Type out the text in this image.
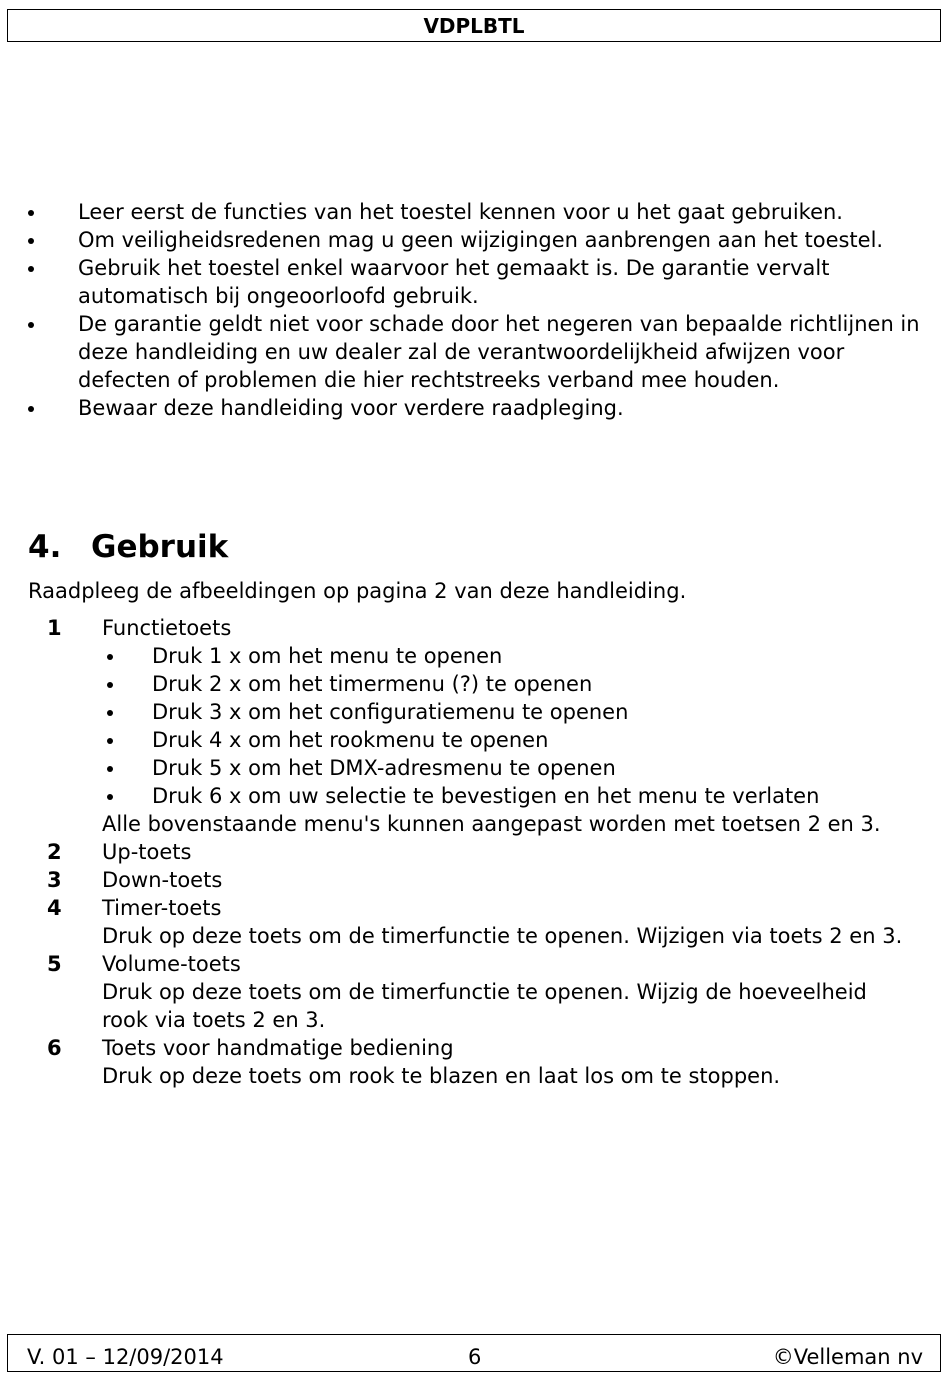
VDPLBTL
Leer eerst de functies van het toestel kennen voor u het gaat gebruiken.
Om veiligheidsredenen mag u geen wijzigingen aanbrengen aan het toestel.
Gebruik het toestel enkel waarvoor het gemaakt is. De garantie vervalt automatisch bij ongeoorloofd gebruik.
De garantie geldt niet voor schade door het negeren van bepaalde richtlijnen in deze handleiding en uw dealer zal de verantwoordelijkheid afwijzen voor defecten of problemen die hier rechtstreeks verband mee houden.
Bewaar deze handleiding voor verdere raadpleging.
4. Gebruik

Raadpleeg de afbeeldingen op pagina 2 van deze handleiding.

1 Functietoets
Druk 1 x om het menu te openen
Druk 2 x om het timermenu (?) te openen
Druk 3 x om het configuratiemenu te openen
Druk 4 x om het rookmenu te openen
Druk 5 x om het DMX-adresmenu te openen
Druk 6 x om uw selectie te bevestigen en het menu te verlaten
Alle bovenstaande menu's kunnen aangepast worden met toetsen 2 en 3.
2 Up-toets
3 Down-toets
4 Timer-toets
Druk op deze toets om de timerfunctie te openen. Wijzigen via toets 2 en 3.
5 Volume-toets
Druk op deze toets om de timerfunctie te openen. Wijzig de hoeveelheid rook via toets 2 en 3.
6 Toets voor handmatige bediening
Druk op deze toets om rook te blazen en laat los om te stoppen.
V. 01 – 12/09/2014	6	©Velleman nv
